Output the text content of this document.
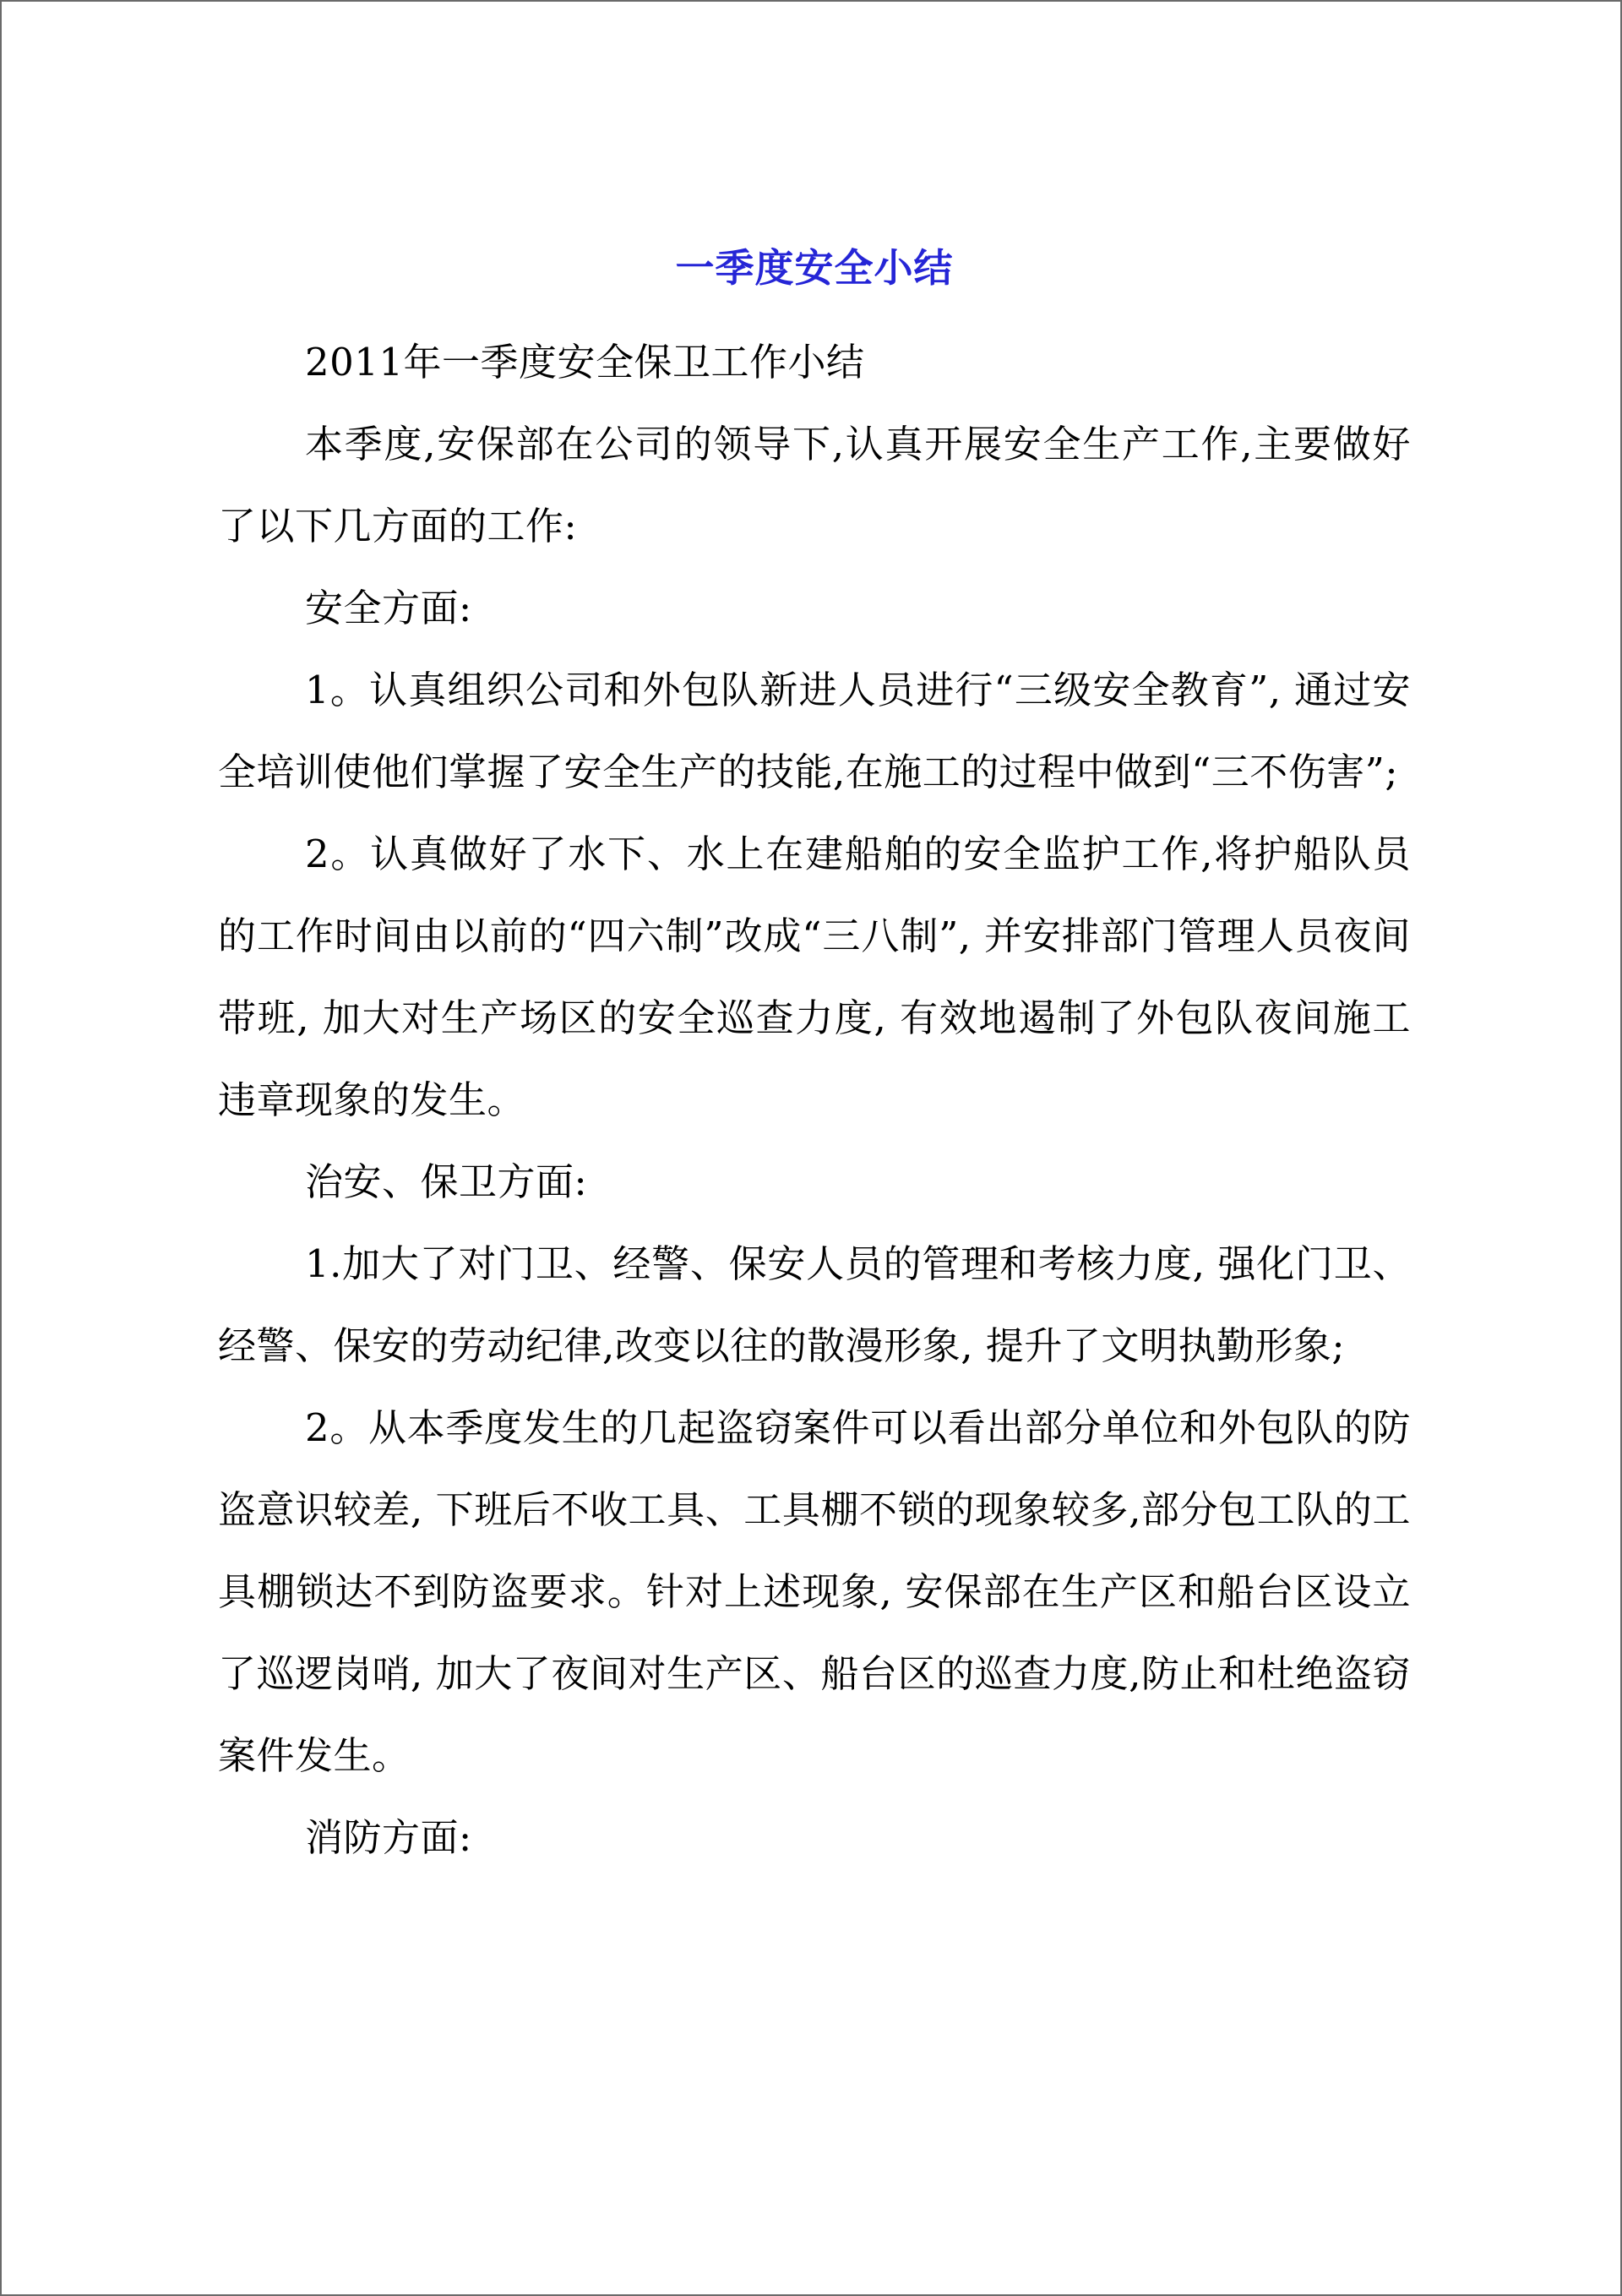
一季度安全小结

2011年一季度安全保卫工作小结

本季度,安保部在公司的领导下,认真开展安全生产工作,主要做好了以下几方面的工作:

安全方面:

1。认真组织公司和外包队新进人员进行“三级安全教育”, 通过安全培训使他们掌握了安全生产的技能,在施工的过程中做到“三不伤害”;

2。认真做好了水下、水上在建船舶的安全监护工作,将护船队员的工作时间由以前的“四六制”改成“三八制”, 并安排部门管理人员夜间带班, 加大对生产场区的安全巡查力度, 有效地遏制了外包队夜间施工违章现象的发生。

治安、保卫方面:

1.加大了对门卫、经警、保安人员的管理和考核力度, 强化门卫、经警、保安的劳动纪律,改变以往的散漫形象, 提升了文明执勤形象;

2。从本季度发生的几起盗窃案件可以看出部分单位和外包队的防盗意识较差, 下班后不收工具、工具棚不锁的现象较多,部分包工队的工具棚锁达不到防盗要求。针对上述现象, 安保部在生产区和船台区设立了巡逻岗哨, 加大了夜间对生产区、船台区的巡查力度,防止和杜绝盗窃案件发生。

消防方面:
